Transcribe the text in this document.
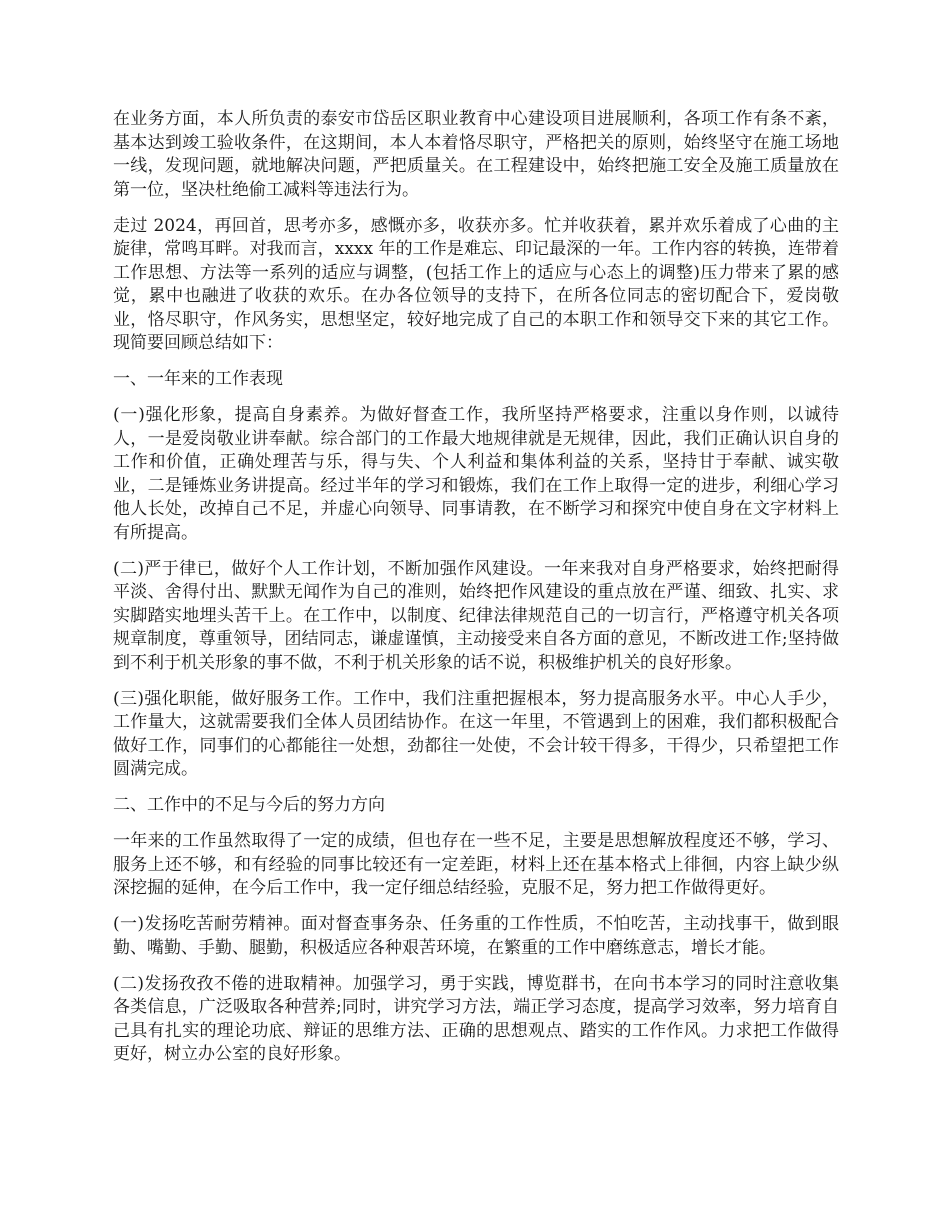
在业务方面，本人所负责的泰安市岱岳区职业教育中心建设项目进展顺利，各项工作有条不紊，基本达到竣工验收条件，在这期间，本人本着恪尽职守，严格把关的原则，始终坚守在施工场地一线，发现问题，就地解决问题，严把质量关。在工程建设中，始终把施工安全及施工质量放在第一位，坚决杜绝偷工减料等违法行为。

走过 2024，再回首，思考亦多，感慨亦多，收获亦多。忙并收获着，累并欢乐着成了心曲的主旋律，常鸣耳畔。对我而言，xxxx 年的工作是难忘、印记最深的一年。工作内容的转换，连带着工作思想、方法等一系列的适应与调整，(包括工作上的适应与心态上的调整)压力带来了累的感觉，累中也融进了收获的欢乐。在办各位领导的支持下，在所各位同志的密切配合下，爱岗敬业，恪尽职守，作风务实，思想坚定，较好地完成了自己的本职工作和领导交下来的其它工作。现简要回顾总结如下：

一、一年来的工作表现

(一)强化形象，提高自身素养。为做好督查工作，我所坚持严格要求，注重以身作则，以诚待人，一是爱岗敬业讲奉献。综合部门的工作最大地规律就是无规律，因此，我们正确认识自身的工作和价值，正确处理苦与乐，得与失、个人利益和集体利益的关系，坚持甘于奉献、诚实敬业，二是锤炼业务讲提高。经过半年的学习和锻炼，我们在工作上取得一定的进步，利细心学习他人长处，改掉自己不足，并虚心向领导、同事请教，在不断学习和探究中使自身在文字材料上有所提高。

(二)严于律已，做好个人工作计划，不断加强作风建设。一年来我对自身严格要求，始终把耐得平淡、舍得付出、默默无闻作为自己的准则，始终把作风建设的重点放在严谨、细致、扎实、求实脚踏实地埋头苦干上。在工作中，以制度、纪律法律规范自己的一切言行，严格遵守机关各项规章制度，尊重领导，团结同志，谦虚谨慎，主动接受来自各方面的意见，不断改进工作;坚持做到不利于机关形象的事不做，不利于机关形象的话不说，积极维护机关的良好形象。

(三)强化职能，做好服务工作。工作中，我们注重把握根本，努力提高服务水平。中心人手少，工作量大，这就需要我们全体人员团结协作。在这一年里，不管遇到上的困难，我们都积极配合做好工作，同事们的心都能往一处想，劲都往一处使，不会计较干得多，干得少，只希望把工作圆满完成。

二、工作中的不足与今后的努力方向

一年来的工作虽然取得了一定的成绩，但也存在一些不足，主要是思想解放程度还不够，学习、服务上还不够，和有经验的同事比较还有一定差距，材料上还在基本格式上徘徊，内容上缺少纵深挖掘的延伸，在今后工作中，我一定仔细总结经验，克服不足，努力把工作做得更好。

(一)发扬吃苦耐劳精神。面对督查事务杂、任务重的工作性质，不怕吃苦，主动找事干，做到眼勤、嘴勤、手勤、腿勤，积极适应各种艰苦环境，在繁重的工作中磨练意志，增长才能。

(二)发扬孜孜不倦的进取精神。加强学习，勇于实践，博览群书，在向书本学习的同时注意收集各类信息，广泛吸取各种营养;同时，讲究学习方法，端正学习态度，提高学习效率，努力培育自己具有扎实的理论功底、辩证的思维方法、正确的思想观点、踏实的工作作风。力求把工作做得更好，树立办公室的良好形象。
